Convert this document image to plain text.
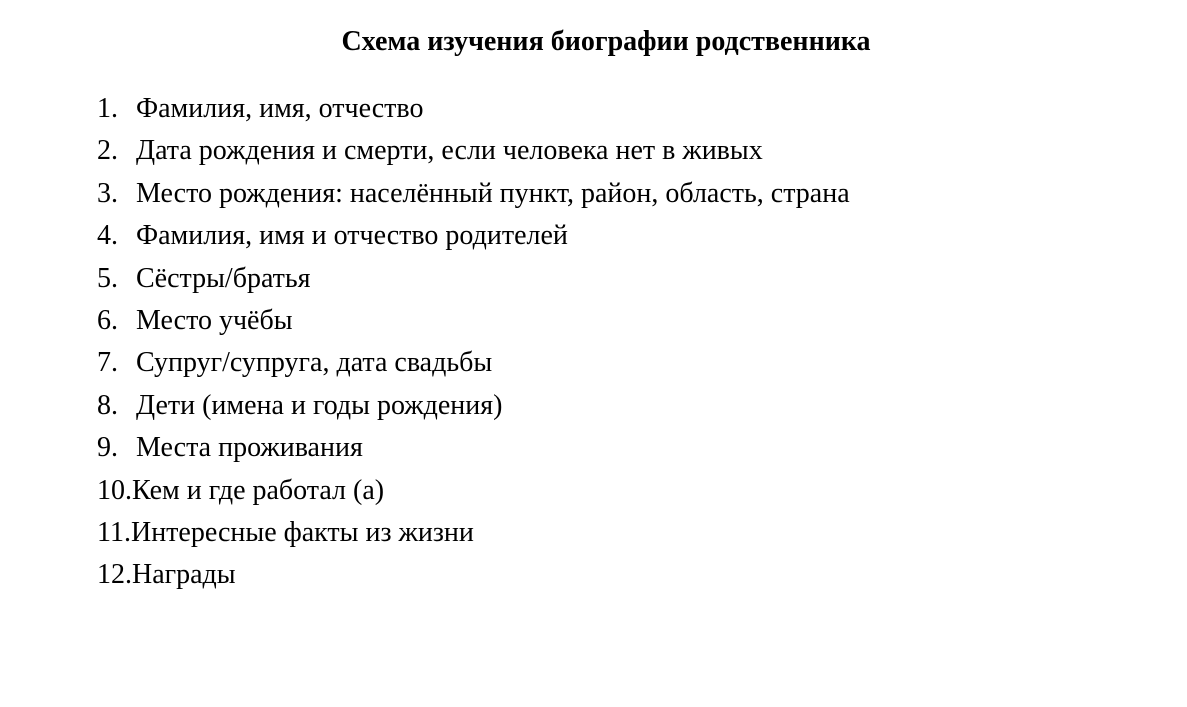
Схема изучения биографии родственника
1. Фамилия, имя, отчество
2. Дата рождения и смерти, если человека нет в живых
3. Место рождения: населённый пункт, район, область, страна
4. Фамилия, имя и отчество родителей
5. Сёстры/братья
6. Место учёбы
7. Супруг/супруга, дата свадьбы
8. Дети (имена и годы рождения)
9. Места проживания
10.Кем и где работал (а)
11.Интересные факты из жизни
12.Награды
